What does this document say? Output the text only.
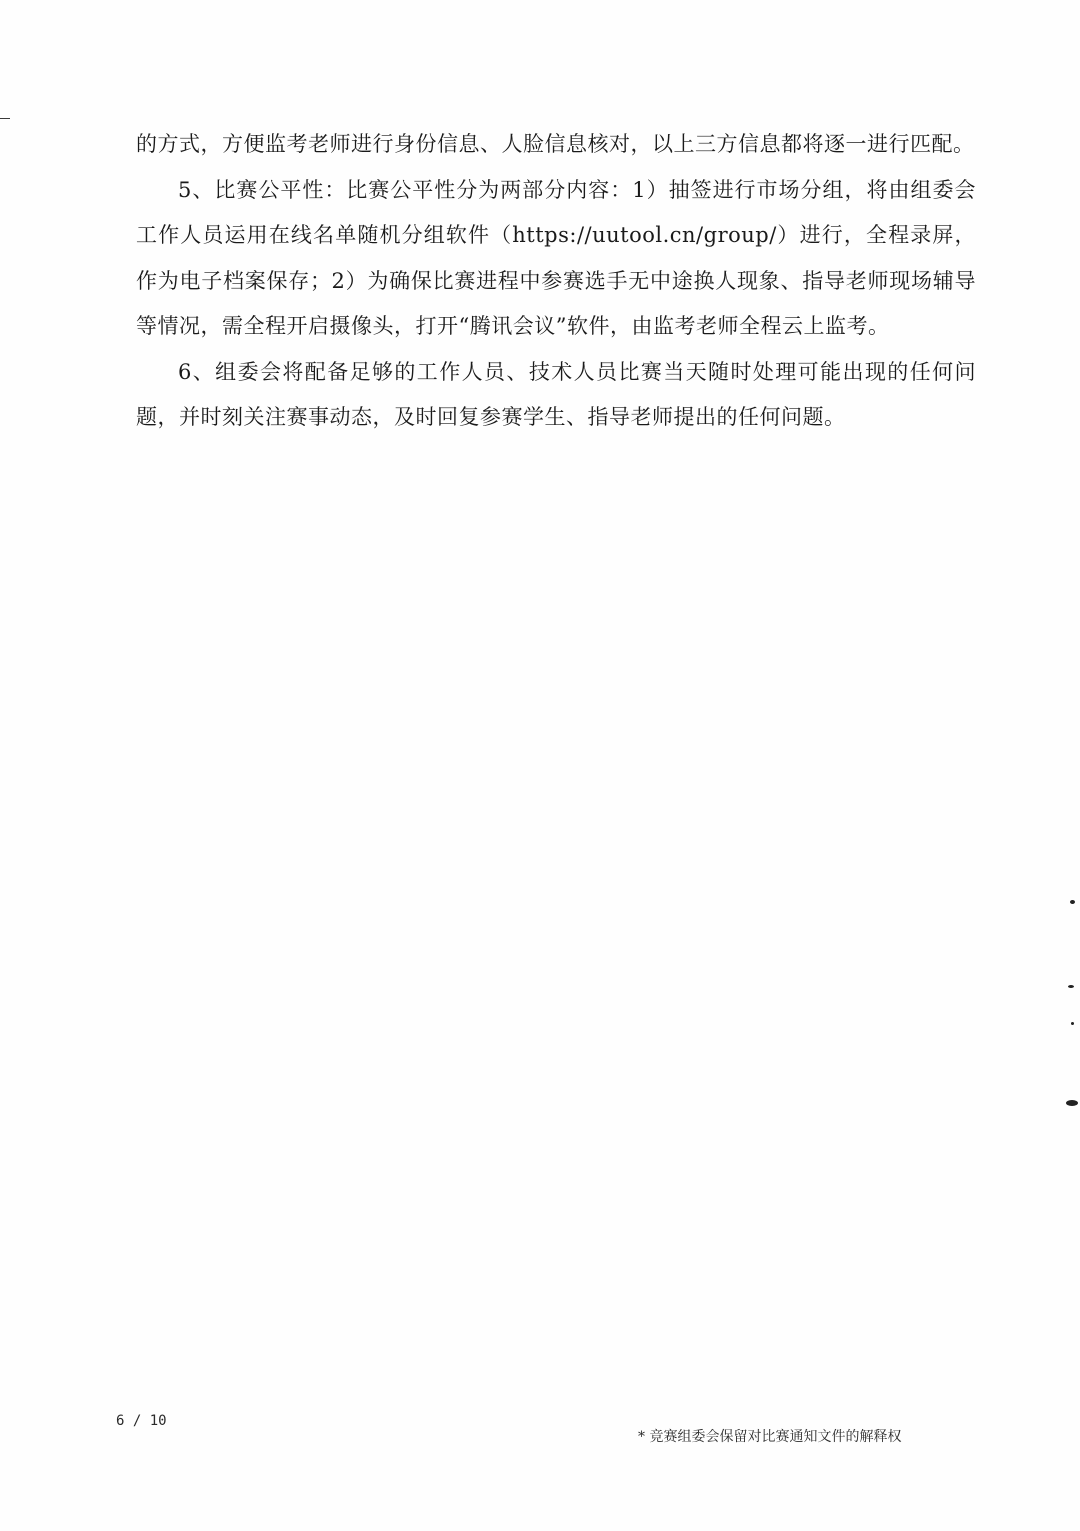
的方式，方便监考老师进行身份信息、人脸信息核对，以上三方信息都将逐一进行匹配。

5、比赛公平性：比赛公平性分为两部分内容：1）抽签进行市场分组，将由组委会工作人员运用在线名单随机分组软件（https://uutool.cn/group/）进行，全程录屏，作为电子档案保存；2）为确保比赛进程中参赛选手无中途换人现象、指导老师现场辅导等情况，需全程开启摄像头，打开“腾讯会议”软件，由监考老师全程云上监考。

6、组委会将配备足够的工作人员、技术人员比赛当天随时处理可能出现的任何问题，并时刻关注赛事动态，及时回复参赛学生、指导老师提出的任何问题。

6 / 10
* 竞赛组委会保留对比赛通知文件的解释权
